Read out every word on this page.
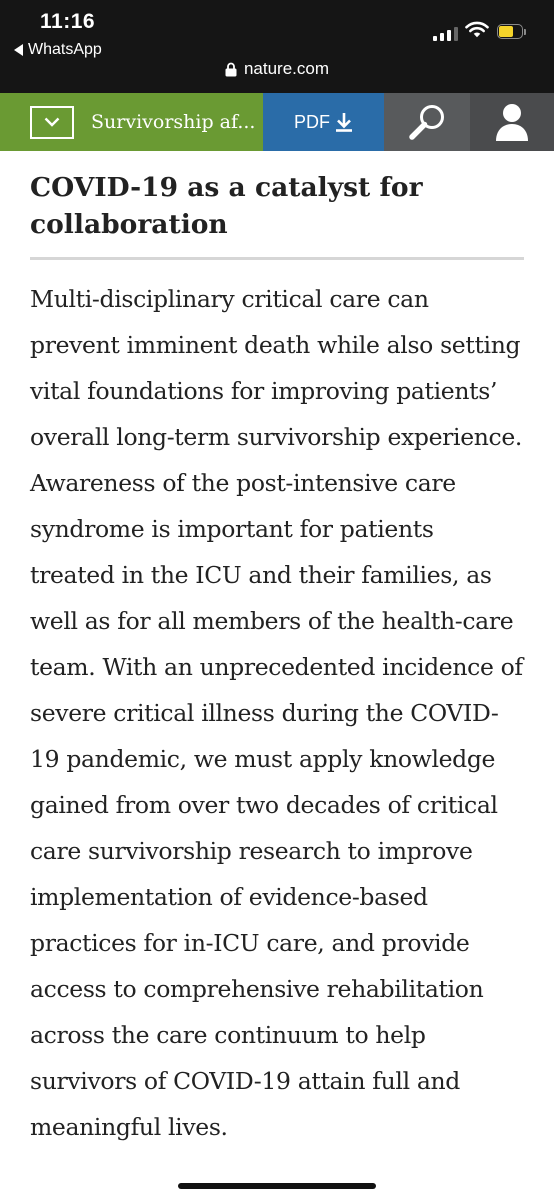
11:16
WhatsApp
nature.com
Survivorship af... PDF
COVID-19 as a catalyst for collaboration

Multi-disciplinary critical care can prevent imminent death while also setting vital foundations for improving patients’ overall long-term survivorship experience. Awareness of the post-intensive care syndrome is important for patients treated in the ICU and their families, as well as for all members of the health-care team. With an unprecedented incidence of severe critical illness during the COVID-19 pandemic, we must apply knowledge gained from over two decades of critical care survivorship research to improve implementation of evidence-based practices for in-ICU care, and provide access to comprehensive rehabilitation across the care continuum to help survivors of COVID-19 attain full and meaningful lives.
